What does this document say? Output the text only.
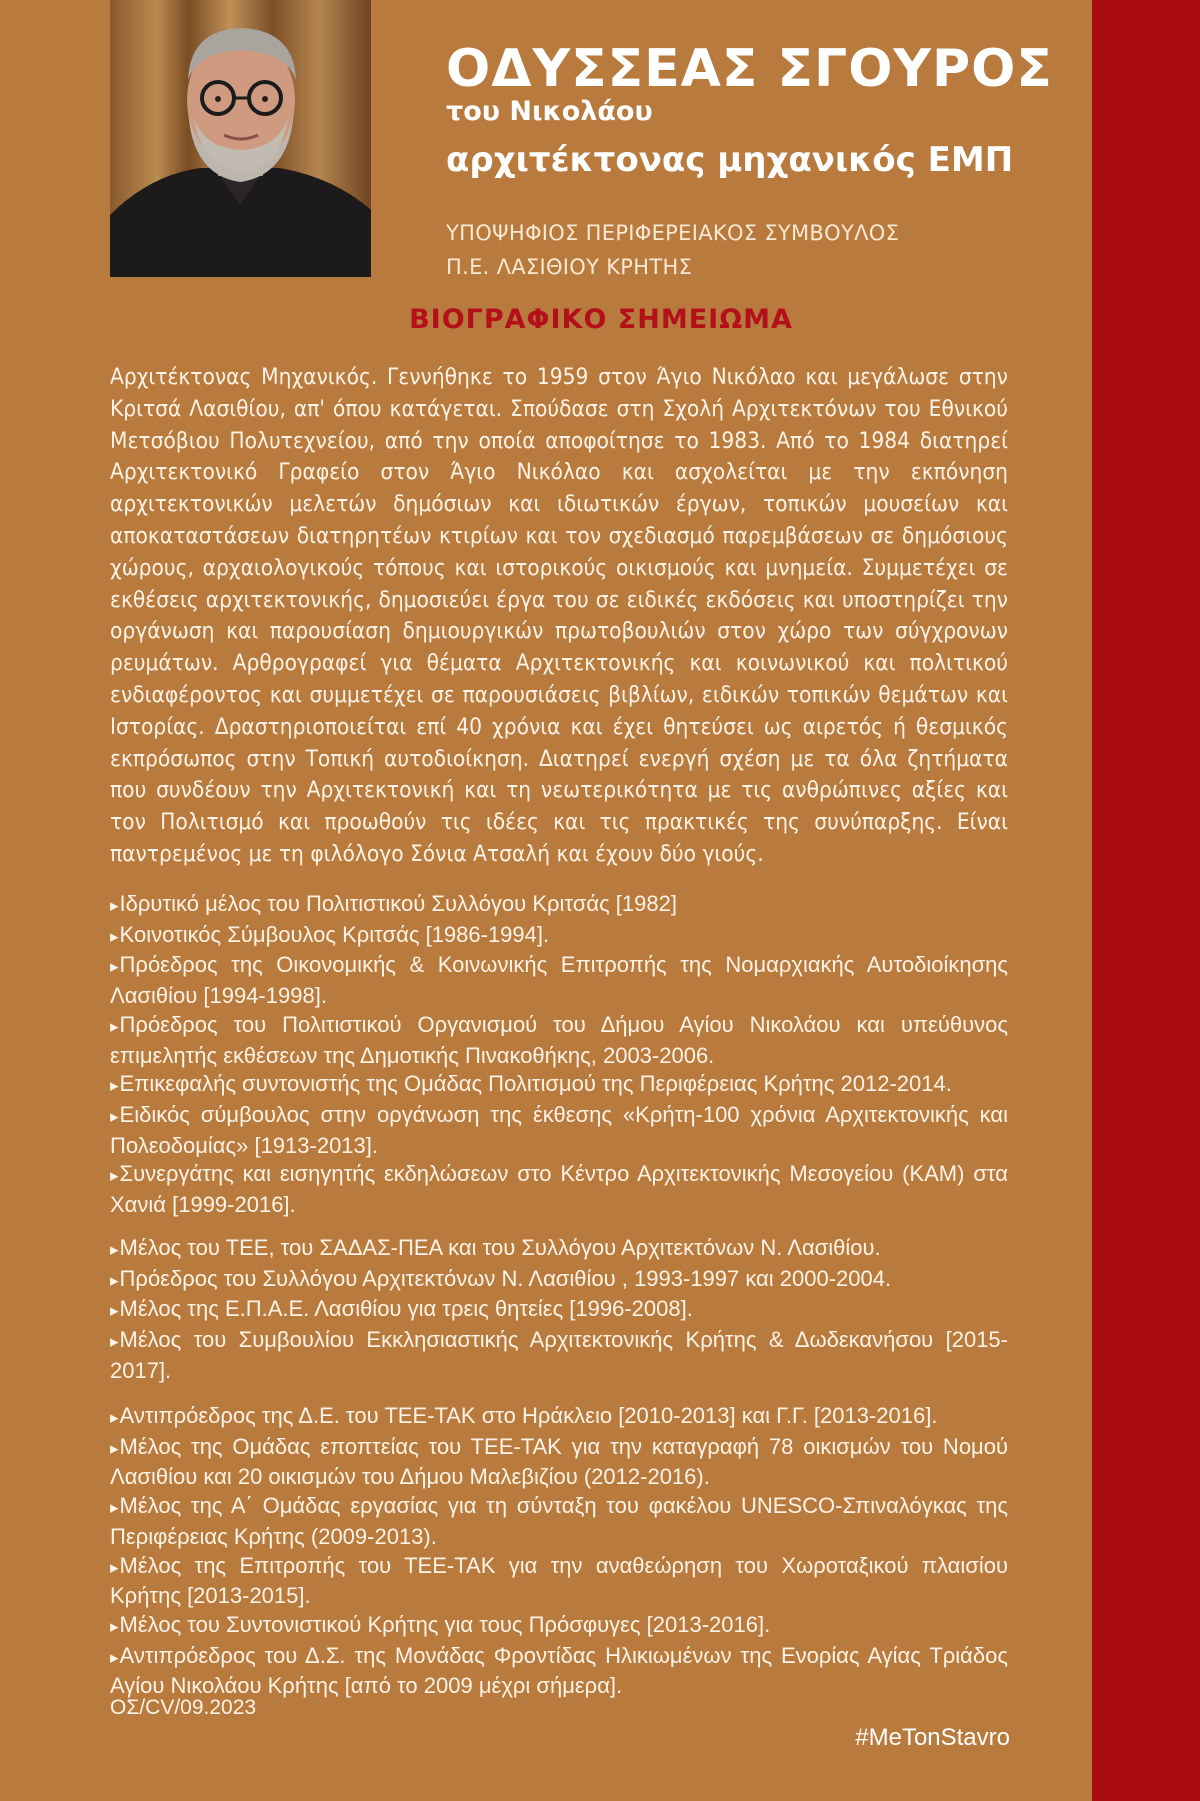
ΟΔΥΣΣΕΑΣ ΣΓΟΥΡΟΣ
του Νικολάου
αρχιτέκτονας μηχανικός ΕΜΠ
ΥΠΟΨΗΦΙΟΣ ΠΕΡΙΦΕΡΕΙΑΚΟΣ ΣΥΜΒΟΥΛΟΣ
Π.Ε. ΛΑΣΙΘΙΟΥ ΚΡΗΤΗΣ
ΒΙΟΓΡΑΦΙΚΟ ΣΗΜΕΙΩΜΑ
Αρχιτέκτονας Μηχανικός. Γεννήθηκε το 1959 στον Άγιο Νικόλαο και μεγάλωσε στην Κριτσά Λασιθίου, απ' όπου κατάγεται. Σπούδασε στη Σχολή Αρχιτεκτόνων του Εθνικού Μετσόβιου Πολυτεχνείου, από την οποία αποφοίτησε το 1983. Από το 1984 διατηρεί Αρχιτεκτονικό Γραφείο στον Άγιο Νικόλαο και ασχολείται με την εκπόνηση αρχιτεκτονικών μελετών δημόσιων και ιδιωτικών έργων, τοπικών μουσείων και αποκαταστάσεων διατηρητέων κτιρίων και τον σχεδιασμό παρεμβάσεων σε δημόσιους χώρους, αρχαιολογικούς τόπους και ιστορικούς οικισμούς και μνημεία. Συμμετέχει σε εκθέσεις αρχιτεκτονικής, δημοσιεύει έργα του σε ειδικές εκδόσεις και υποστηρίζει την οργάνωση και παρουσίαση δημιουργικών πρωτοβουλιών στον χώρο των σύγχρονων ρευμάτων. Αρθρογραφεί για θέματα Αρχιτεκτονικής και κοινωνικού και πολιτικού ενδιαφέροντος και συμμετέχει σε παρουσιάσεις βιβλίων, ειδικών τοπικών θεμάτων και Ιστορίας. Δραστηριοποιείται επί 40 χρόνια και έχει θητεύσει ως αιρετός ή θεσμικός εκπρόσωπος στην Τοπική αυτοδιοίκηση. Διατηρεί ενεργή σχέση με τα όλα ζητήματα που συνδέουν την Αρχιτεκτονική και τη νεωτερικότητα με τις ανθρώπινες αξίες και τον Πολιτισμό και προωθούν τις ιδέες και τις πρακτικές της συνύπαρξης. Είναι παντρεμένος με τη φιλόλογο Σόνια Ατσαλή και έχουν δύο γιούς.
▸ Ιδρυτικό μέλος του Πολιτιστικού Συλλόγου Κριτσάς [1982]
▸ Κοινοτικός Σύμβουλος Κριτσάς [1986-1994].
▸ Πρόεδρος της Οικονομικής & Κοινωνικής Επιτροπής της Νομαρχιακής Αυτοδιοίκησης Λασιθίου [1994-1998].
▸ Πρόεδρος του Πολιτιστικού Οργανισμού του Δήμου Αγίου Νικολάου και υπεύθυνος επιμελητής εκθέσεων της Δημοτικής Πινακοθήκης, 2003-2006.
▸ Επικεφαλής συντονιστής της Ομάδας Πολιτισμού της Περιφέρειας Κρήτης 2012-2014.
▸ Ειδικός σύμβουλος στην οργάνωση της έκθεσης «Κρήτη-100 χρόνια Αρχιτεκτονικής και Πολεοδομίας» [1913-2013].
▸ Συνεργάτης και εισηγητής εκδηλώσεων στο Κέντρο Αρχιτεκτονικής Μεσογείου (ΚΑΜ) στα Χανιά [1999-2016].
▸ Μέλος του ΤΕΕ, του ΣΑΔΑΣ-ΠΕΑ και του Συλλόγου Αρχιτεκτόνων Ν. Λασιθίου.
▸ Πρόεδρος του Συλλόγου Αρχιτεκτόνων Ν. Λασιθίου , 1993-1997 και 2000-2004.
▸ Μέλος της Ε.Π.Α.Ε. Λασιθίου για τρεις θητείες [1996-2008].
▸ Μέλος του Συμβουλίου Εκκλησιαστικής Αρχιτεκτονικής Κρήτης & Δωδεκανήσου [2015-2017].
▸ Αντιπρόεδρος της Δ.Ε. του ΤΕΕ-ΤΑΚ στο Ηράκλειο [2010-2013] και Γ.Γ. [2013-2016].
▸ Μέλος της Ομάδας εποπτείας του ΤΕΕ-ΤΑΚ για την καταγραφή 78 οικισμών του Νομού Λασιθίου και 20 οικισμών του Δήμου Μαλεβιζίου (2012-2016).
▸ Μέλος της Α΄ Ομάδας εργασίας για τη σύνταξη του φακέλου UNESCO-Σπιναλόγκας της Περιφέρειας Κρήτης (2009-2013).
▸ Μέλος της Επιτροπής του ΤΕΕ-ΤΑΚ για την αναθεώρηση του Χωροταξικού πλαισίου Κρήτης [2013-2015].
▸ Μέλος του Συντονιστικού Κρήτης για τους Πρόσφυγες [2013-2016].
▸ Αντιπρόεδρος του Δ.Σ. της Μονάδας Φροντίδας Ηλικιωμένων της Ενορίας Αγίας Τριάδος Αγίου Νικολάου Κρήτης [από το 2009 μέχρι σήμερα].
ΟΣ/CV/09.2023
#MeTonStavro
